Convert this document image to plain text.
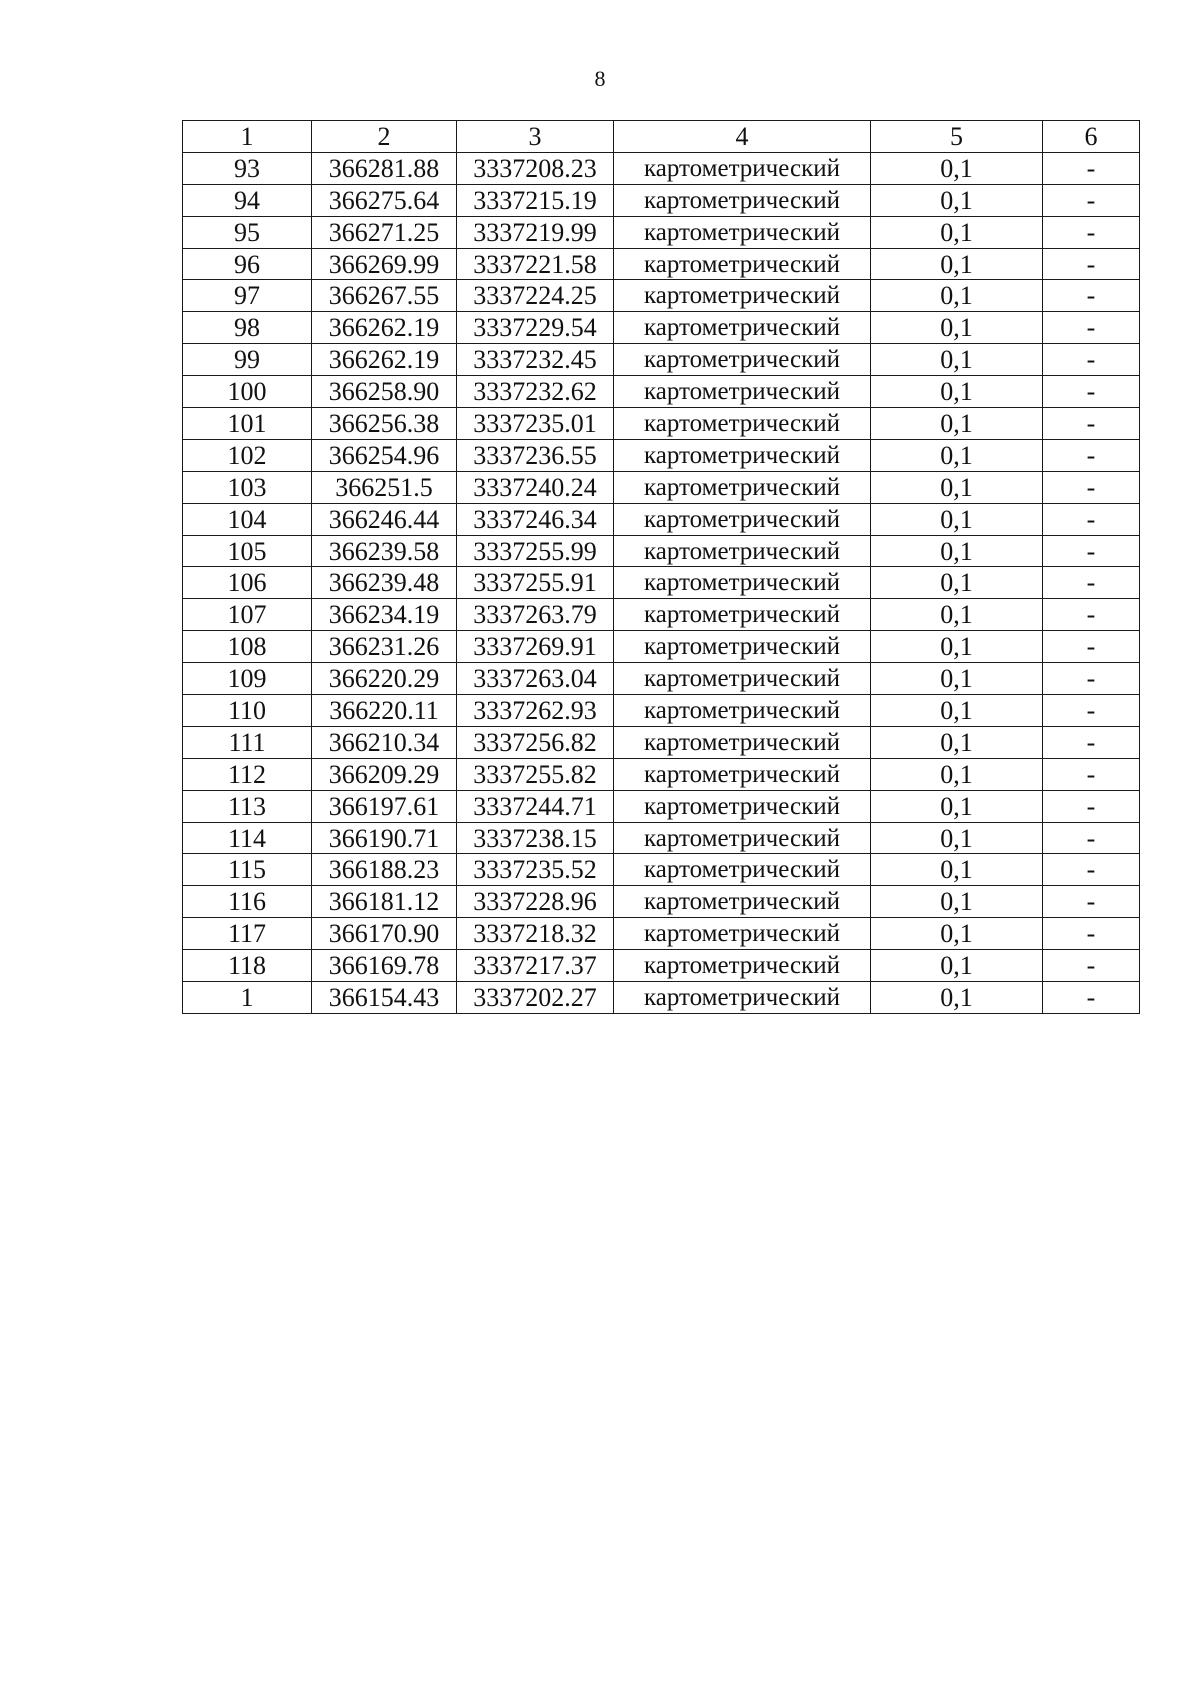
8
1	2	3	4	5	6
93	366281.88	3337208.23	картометрический	0,1	-
94	366275.64	3337215.19	картометрический	0,1	-
95	366271.25	3337219.99	картометрический	0,1	-
96	366269.99	3337221.58	картометрический	0,1	-
97	366267.55	3337224.25	картометрический	0,1	-
98	366262.19	3337229.54	картометрический	0,1	-
99	366262.19	3337232.45	картометрический	0,1	-
100	366258.90	3337232.62	картометрический	0,1	-
101	366256.38	3337235.01	картометрический	0,1	-
102	366254.96	3337236.55	картометрический	0,1	-
103	366251.5	3337240.24	картометрический	0,1	-
104	366246.44	3337246.34	картометрический	0,1	-
105	366239.58	3337255.99	картометрический	0,1	-
106	366239.48	3337255.91	картометрический	0,1	-
107	366234.19	3337263.79	картометрический	0,1	-
108	366231.26	3337269.91	картометрический	0,1	-
109	366220.29	3337263.04	картометрический	0,1	-
110	366220.11	3337262.93	картометрический	0,1	-
111	366210.34	3337256.82	картометрический	0,1	-
112	366209.29	3337255.82	картометрический	0,1	-
113	366197.61	3337244.71	картометрический	0,1	-
114	366190.71	3337238.15	картометрический	0,1	-
115	366188.23	3337235.52	картометрический	0,1	-
116	366181.12	3337228.96	картометрический	0,1	-
117	366170.90	3337218.32	картометрический	0,1	-
118	366169.78	3337217.37	картометрический	0,1	-
1	366154.43	3337202.27	картометрический	0,1	-
